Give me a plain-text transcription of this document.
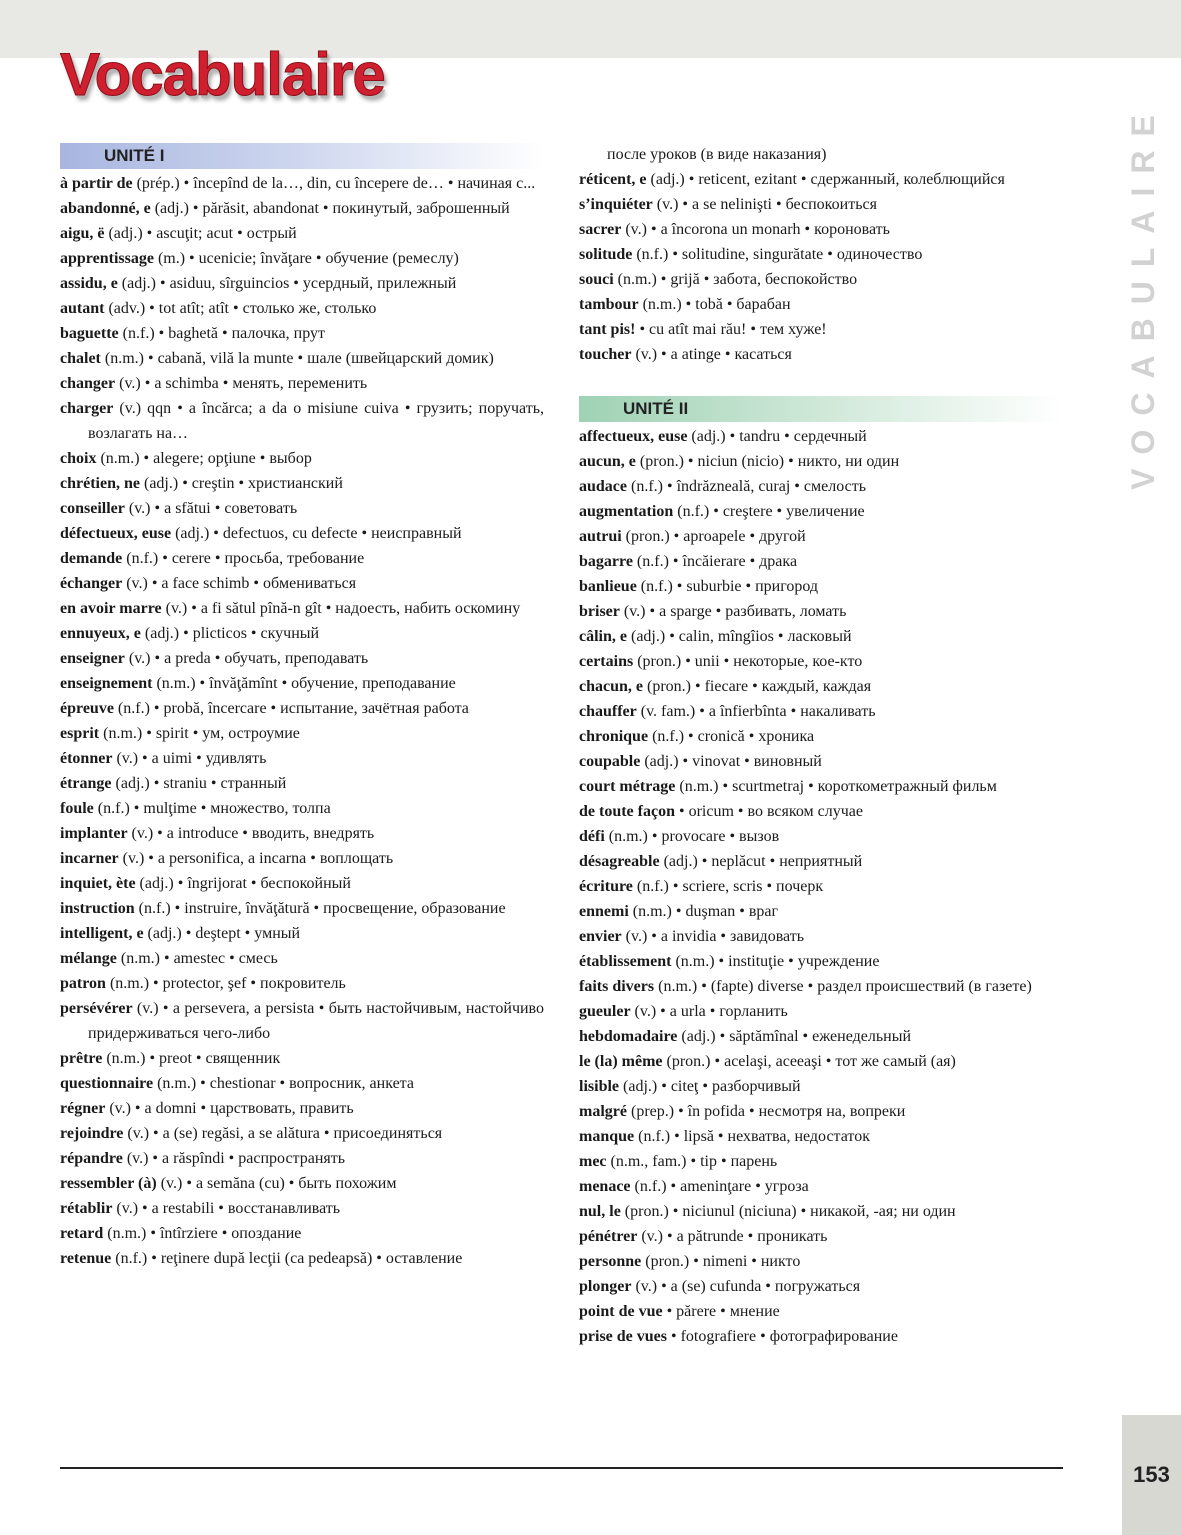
VOCABULAIRE
Vocabulaire
UNITÉ I
à partir de (prép.) • începînd de la…, din, cu începere de… • начиная с...
abandonné, e (adj.) • părăsit, abandonat • покинутый, заброшенный
aigu, ë (adj.) • ascuţit; acut • острый
apprentissage (m.) • ucenicie; învăţare • обучение (ремеслу)
assidu, e (adj.) • asiduu, sîrguincios • усердный, прилежный
autant (adv.) • tot atît; atît • столько же, столько
baguette (n.f.) • baghetă • палочка, прут
chalet (n.m.) • cabană, vilă la munte • шале (швейцарский домик)
changer (v.) • a schimba • менять, переменить
charger (v.) qqn • a încărca; a da o misiune cuiva • грузить; поручать, возлагать на…
choix (n.m.) • alegere; opţiune • выбор
chrétien, ne (adj.) • creştin • христианский
conseiller (v.) • a sfătui • советовать
défectueux, euse (adj.) • defectuos, cu defecte • неисправный
demande (n.f.) • cerere • просьба, требование
échanger (v.) • a face schimb • обмениваться
en avoir marre (v.) • a fi sătul pînă-n gît • надоесть, набить оскомину
ennuyeux, e (adj.) • plicticos • скучный
enseigner (v.) • a preda • обучать, преподавать
enseignement (n.m.) • învăţămînt • обучение, преподавание
épreuve (n.f.) • probă, încercare • испытание, зачётная работа
esprit (n.m.) • spirit • ум, остроумие
étonner (v.) • a uimi • удивлять
étrange (adj.) • straniu • странный
foule (n.f.) • mulţime • множество, толпа
implanter (v.) • a introduce • вводить, внедрять
incarner (v.) • a personifica, a incarna • воплощать
inquiet, ète (adj.) • îngrijorat • беспокойный
instruction (n.f.) • instruire, învăţătură • просвещение, образование
intelligent, e (adj.) • deştept • умный
mélange (n.m.) • amestec • смесь
patron (n.m.) • protector, şef • покровитель
persévérer (v.) • a persevera, a persista • быть настойчивым, настойчиво придерживаться чего-либо
prêtre (n.m.) • preot • священник
questionnaire (n.m.) • chestionar • вопросник, анкета
régner (v.) • a domni • царствовать, править
rejoindre (v.) • a (se) regăsi, a se alătura • присоединяться
répandre (v.) • a răspîndi • распространять
ressembler (à) (v.) • a semăna (cu) • быть похожим
rétablir (v.) • a restabili • восстанавливать
retard (n.m.) • întîrziere • опоздание
retenue (n.f.) • reţinere după lecţii (ca pedeapsă) • оставление
после уроков (в виде наказания)
réticent, e (adj.) • reticent, ezitant • сдержанный, колеблющийся
s’inquiéter (v.) • a se nelinişti • беспокоиться
sacrer (v.) • a încorona un monarh • короновать
solitude (n.f.) • solitudine, singurătate • одиночество
souci (n.m.) • grijă • забота, беспокойство
tambour (n.m.) • tobă • барабан
tant pis! • cu atît mai rău! • тем хуже!
toucher (v.) • a atinge • касаться
UNITÉ II
affectueux, euse (adj.) • tandru • сердечный
aucun, e (pron.) • niciun (nicio) • никто, ни один
audace (n.f.) • îndrăzneală, curaj • смелость
augmentation (n.f.) • creştere • увеличение
autrui (pron.) • aproapele • другой
bagarre (n.f.) • încăierare • драка
banlieue (n.f.) • suburbie • пригород
briser (v.) • a sparge • разбивать, ломать
câlin, e (adj.) • calin, mîngîios • ласковый
certains (pron.) • unii • некоторые, кое-кто
chacun, e (pron.) • fiecare • каждый, каждая
chauffer (v. fam.) • a înfierbînta • накаливать
chronique (n.f.) • cronică • хроника
coupable (adj.) • vinovat • виновный
court métrage (n.m.) • scurtmetraj • короткометражный фильм
de toute façon • oricum • во всяком случае
défi (n.m.) • provocare • вызов
désagreable (adj.) • neplăcut • неприятный
écriture (n.f.) • scriere, scris • почерк
ennemi (n.m.) • duşman • враг
envier (v.) • a invidia • завидовать
établissement (n.m.) • instituţie • учреждение
faits divers (n.m.) • (fapte) diverse • раздел происшествий (в газете)
gueuler (v.) • a urla • горланить
hebdomadaire (adj.) • săptămînal • еженедельный
le (la) même (pron.) • acelaşi, aceeaşi • тот же самый (ая)
lisible (adj.) • citeţ • разборчивый
malgré (prep.) • în pofida • несмотря на, вопреки
manque (n.f.) • lipsă • нехватва, недостаток
mec (n.m., fam.) • tip • парень
menace (n.f.) • ameninţare • угроза
nul, le (pron.) • niciunul (niciuna) • никакой, -ая; ни один
pénétrer (v.) • a pătrunde • проникать
personne (pron.) • nimeni • никто
plonger (v.) • a (se) cufunda • погружаться
point de vue • părere • мнение
prise de vues • fotografiere • фотографирование
153
